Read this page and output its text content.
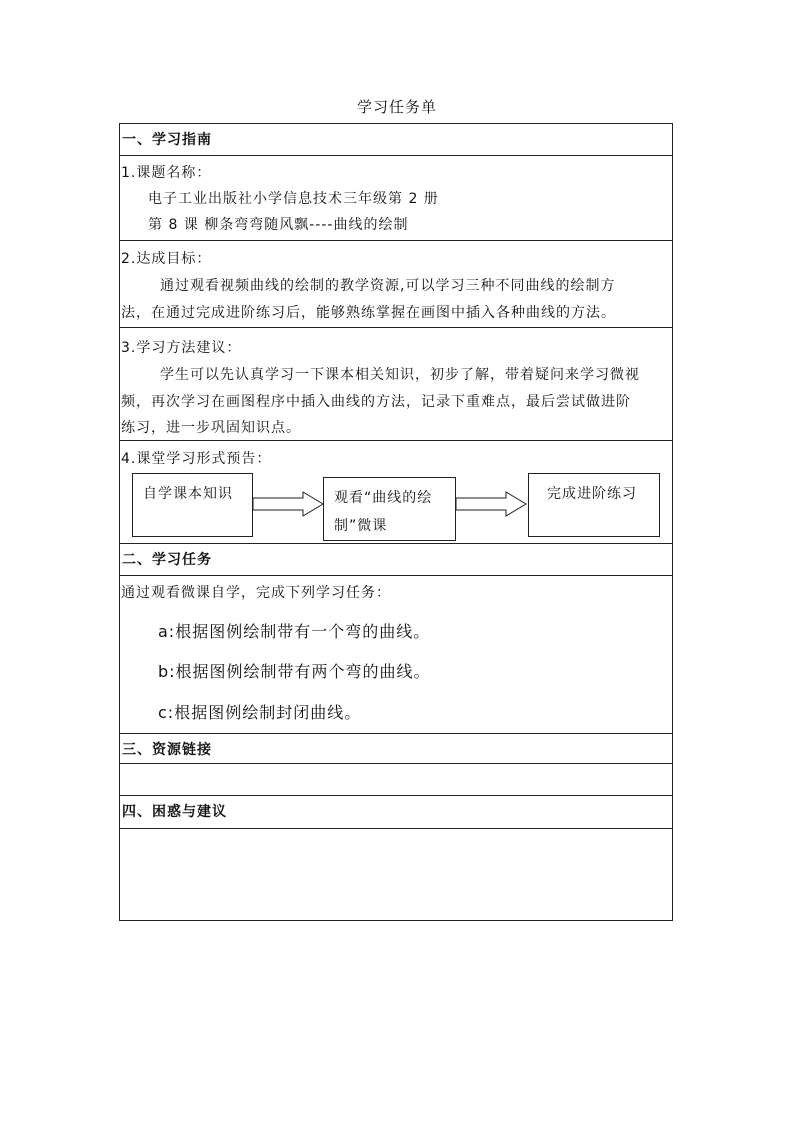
学习任务单
一、学习指南
1.课题名称：
电子工业出版社小学信息技术三年级第 2 册
第 8 课 柳条弯弯随风飘----曲线的绘制
2.达成目标：
通过观看视频曲线的绘制的教学资源,可以学习三种不同曲线的绘制方
法，在通过完成进阶练习后，能够熟练掌握在画图中插入各种曲线的方法。
3.学习方法建议：
学生可以先认真学习一下课本相关知识，初步了解，带着疑问来学习微视
频，再次学习在画图程序中插入曲线的方法，记录下重难点，最后尝试做进阶
练习，进一步巩固知识点。
4.课堂学习形式预告：
自学课本知识	观看“曲线的绘制”微课
完成进阶练习
二、学习任务
通过观看微课自学，完成下列学习任务：
a:根据图例绘制带有一个弯的曲线。
b:根据图例绘制带有两个弯的曲线。
c:根据图例绘制封闭曲线。
三、资源链接
四、困惑与建议
